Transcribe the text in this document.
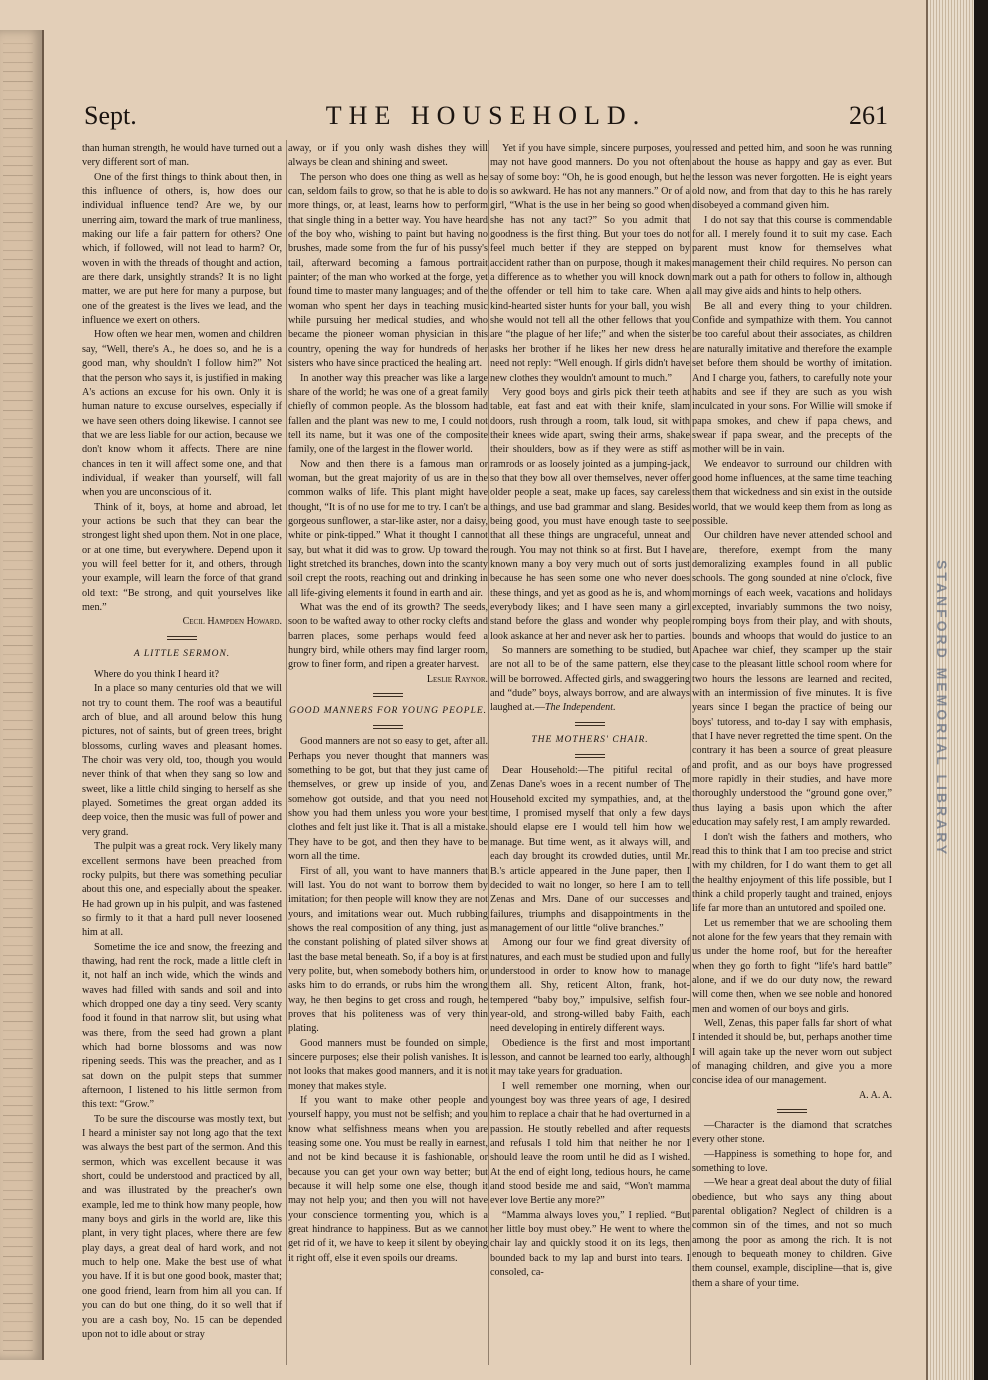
──────
──────
──────
──────
──────
──────
──────
──────
──────
──────
──────
──────
──────
──────
──────
──────
──────
──────
──────
──────
──────
──────
──────
──────
──────
──────
──────
──────
──────
──────
──────
──────
──────
──────
──────
──────
──────
──────
──────
──────
──────
──────
──────
──────
──────
──────
──────
──────
──────
──────
──────
──────
──────
──────
──────
──────
──────
──────
──────
──────
──────
──────
──────
──────
──────
──────
──────
──────
──────
──────
──────
──────
──────
──────
──────
──────
──────
──────
──────
──────
──────
──────
──────
──────
──────
──────
──────
──────
──────
──────
──────
──────
──────
──────
──────
──────
──────
──────
──────
──────
──────
──────
──────
──────
──────
──────
──────
──────
──────
──────
──────
──────
──────
──────
──────
──────
──────
──────
──────
──────
──────
──────
──────
──────
──────
──────
──────
──────
──────
──────
──────
──────
──────
──────
──────
──────
──────
──────
──────
──────
STANFORD MEMORIAL LIBRARY
Sept.	THE HOUSEHOLD.	261

than human strength, he would have turned out a very different sort of man.

One of the first things to think about then, in this influence of others, is, how does our individual influence tend? Are we, by our unerring aim, toward the mark of true manliness, making our life a fair pattern for others? One which, if followed, will not lead to harm? Or, woven in with the threads of thought and action, are there dark, unsightly strands? It is no light matter, we are put here for many a purpose, but one of the greatest is the lives we lead, and the influence we exert on others.

How often we hear men, women and children say, “Well, there's A., he does so, and he is a good man, why shouldn't I follow him?” Not that the person who says it, is justified in making A's actions an excuse for his own. Only it is human nature to excuse ourselves, especially if we have seen others doing likewise. I cannot see that we are less liable for our action, because we don't know whom it affects. There are nine chances in ten it will affect some one, and that individual, if weaker than yourself, will fall when you are unconscious of it.

Think of it, boys, at home and abroad, let your actions be such that they can bear the strongest light shed upon them. Not in one place, or at one time, but everywhere. Depend upon it you will feel better for it, and others, through your example, will learn the force of that grand old text: “Be strong, and quit yourselves like men.”

Cecil Hampden Howard.

A LITTLE SERMON.

Where do you think I heard it?

In a place so many centuries old that we will not try to count them. The roof was a beautiful arch of blue, and all around below this hung pictures, not of saints, but of green trees, bright blossoms, curling waves and pleasant homes. The choir was very old, too, though you would never think of that when they sang so low and sweet, like a little child singing to herself as she played. Sometimes the great organ added its deep voice, then the music was full of power and very grand.

The pulpit was a great rock. Very likely many excellent sermons have been preached from rocky pulpits, but there was something peculiar about this one, and especially about the speaker. He had grown up in his pulpit, and was fastened so firmly to it that a hard pull never loosened him at all.

Sometime the ice and snow, the freezing and thawing, had rent the rock, made a little cleft in it, not half an inch wide, which the winds and waves had filled with sands and soil and into which dropped one day a tiny seed. Very scanty food it found in that narrow slit, but using what was there, from the seed had grown a plant which had borne blossoms and was now ripening seeds. This was the preacher, and as I sat down on the pulpit steps that summer afternoon, I listened to his little sermon from this text: “Grow.”

To be sure the discourse was mostly text, but I heard a minister say not long ago that the text was always the best part of the sermon. And this sermon, which was excellent because it was short, could be understood and practiced by all, and was illustrated by the preacher's own example, led me to think how many people, how many boys and girls in the world are, like this plant, in very tight places, where there are few play days, a great deal of hard work, and not much to help one. Make the best use of what you have. If it is but one good book, master that; one good friend, learn from him all you can. If you can do but one thing, do it so well that if you are a cash boy, No. 15 can be depended upon not to idle about or stray

away, or if you only wash dishes they will always be clean and shining and sweet.

The person who does one thing as well as he can, seldom fails to grow, so that he is able to do more things, or, at least, learns how to perform that single thing in a better way. You have heard of the boy who, wishing to paint but having no brushes, made some from the fur of his pussy's tail, afterward becoming a famous portrait painter; of the man who worked at the forge, yet found time to master many languages; and of the woman who spent her days in teaching music while pursuing her medical studies, and who became the pioneer woman physician in this country, opening the way for hundreds of her sisters who have since practiced the healing art.

In another way this preacher was like a large share of the world; he was one of a great family chiefly of common people. As the blossom had fallen and the plant was new to me, I could not tell its name, but it was one of the composite family, one of the largest in the flower world.

Now and then there is a famous man or woman, but the great majority of us are in the common walks of life. This plant might have thought, “It is of no use for me to try. I can't be a gorgeous sunflower, a star-like aster, nor a daisy, white or pink-tipped.” What it thought I cannot say, but what it did was to grow. Up toward the light stretched its branches, down into the scanty soil crept the roots, reaching out and drinking in all life-giving elements it found in earth and air.

What was the end of its growth? The seeds, soon to be wafted away to other rocky clefts and barren places, some perhaps would feed a hungry bird, while others may find larger room, grow to finer form, and ripen a greater harvest.

Leslie Raynor.

GOOD MANNERS FOR YOUNG PEOPLE.

Good manners are not so easy to get, after all. Perhaps you never thought that manners was something to be got, but that they just came of themselves, or grew up inside of you, and somehow got outside, and that you need not show you had them unless you wore your best clothes and felt just like it. That is all a mistake. They have to be got, and then they have to be worn all the time.

First of all, you want to have manners that will last. You do not want to borrow them by imitation; for then people will know they are not yours, and imitations wear out. Much rubbing shows the real composition of any thing, just as the constant polishing of plated silver shows at last the base metal beneath. So, if a boy is at first very polite, but, when somebody bothers him, or asks him to do errands, or rubs him the wrong way, he then begins to get cross and rough, he proves that his politeness was of very thin plating.

Good manners must be founded on simple, sincere purposes; else their polish vanishes. It is not looks that makes good manners, and it is not money that makes style.

If you want to make other people and yourself happy, you must not be selfish; and you know what selfishness means when you are teasing some one. You must be really in earnest, and not be kind because it is fashionable, or because you can get your own way better; but because it will help some one else, though it may not help you; and then you will not have your conscience tormenting you, which is a great hindrance to happiness. But as we cannot get rid of it, we have to keep it silent by obeying it right off, else it even spoils our dreams.

Yet if you have simple, sincere purposes, you may not have good manners. Do you not often say of some boy: “Oh, he is good enough, but he is so awkward. He has not any manners.” Or of a girl, “What is the use in her being so good when she has not any tact?” So you admit that goodness is the first thing. But your toes do not feel much better if they are stepped on by accident rather than on purpose, though it makes a difference as to whether you will knock down the offender or tell him to take care. When a kind-hearted sister hunts for your ball, you wish she would not tell all the other fellows that you are “the plague of her life;” and when the sister asks her brother if he likes her new dress he need not reply: “Well enough. If girls didn't have new clothes they wouldn't amount to much.”

Very good boys and girls pick their teeth at table, eat fast and eat with their knife, slam doors, rush through a room, talk loud, sit with their knees wide apart, swing their arms, shake their shoulders, bow as if they were as stiff as ramrods or as loosely jointed as a jumping-jack, so that they bow all over themselves, never offer older people a seat, make up faces, say careless things, and use bad grammar and slang. Besides being good, you must have enough taste to see that all these things are ungraceful, unneat and rough. You may not think so at first. But I have known many a boy very much out of sorts just because he has seen some one who never does these things, and yet as good as he is, and whom everybody likes; and I have seen many a girl stand before the glass and wonder why people look askance at her and never ask her to parties.

So manners are something to be studied, but are not all to be of the same pattern, else they will be borrowed. Affected girls, and swaggering and “dude” boys, always borrow, and are always laughed at.—The Independent.

THE MOTHERS' CHAIR.

Dear Household:—The pitiful recital of Zenas Dane's woes in a recent number of The Household excited my sympathies, and, at the time, I promised myself that only a few days should elapse ere I would tell him how we manage. But time went, as it always will, and each day brought its crowded duties, until Mr. B.'s article appeared in the June paper, then I decided to wait no longer, so here I am to tell Zenas and Mrs. Dane of our successes and failures, triumphs and disappointments in the management of our little “olive branches.”

Among our four we find great diversity of natures, and each must be studied upon and fully understood in order to know how to manage them all. Shy, reticent Alton, frank, hot-tempered “baby boy,” impulsive, selfish four-year-old, and strong-willed baby Faith, each need developing in entirely different ways.

Obedience is the first and most important lesson, and cannot be learned too early, although it may take years for graduation.

I well remember one morning, when our youngest boy was three years of age, I desired him to replace a chair that he had overturned in a passion. He stoutly rebelled and after requests and refusals I told him that neither he nor I should leave the room until he did as I wished. At the end of eight long, tedious hours, he came and stood beside me and said, “Won't mamma ever love Bertie any more?”

“Mamma always loves you,” I replied. “But her little boy must obey.” He went to where the chair lay and quickly stood it on its legs, then bounded back to my lap and burst into tears. I consoled, ca-

ressed and petted him, and soon he was running about the house as happy and gay as ever. But the lesson was never forgotten. He is eight years old now, and from that day to this he has rarely disobeyed a command given him.

I do not say that this course is commendable for all. I merely found it to suit my case. Each parent must know for themselves what management their child requires. No person can mark out a path for others to follow in, although all may give aids and hints to help others.

Be all and every thing to your children. Confide and sympathize with them. You cannot be too careful about their associates, as children are naturally imitative and therefore the example set before them should be worthy of imitation. And I charge you, fathers, to carefully note your habits and see if they are such as you wish inculcated in your sons. For Willie will smoke if papa smokes, and chew if papa chews, and swear if papa swear, and the precepts of the mother will be in vain.

We endeavor to surround our children with good home influences, at the same time teaching them that wickedness and sin exist in the outside world, that we would keep them from as long as possible.

Our children have never attended school and are, therefore, exempt from the many demoralizing examples found in all public schools. The gong sounded at nine o'clock, five mornings of each week, vacations and holidays excepted, invariably summons the two noisy, romping boys from their play, and with shouts, bounds and whoops that would do justice to an Apachee war chief, they scamper up the stair case to the pleasant little school room where for two hours the lessons are learned and recited, with an intermission of five minutes. It is five years since I began the practice of being our boys' tutoress, and to-day I say with emphasis, that I have never regretted the time spent. On the contrary it has been a source of great pleasure and profit, and as our boys have progressed more rapidly in their studies, and have more thoroughly understood the “ground gone over,” thus laying a basis upon which the after education may safely rest, I am amply rewarded.

I don't wish the fathers and mothers, who read this to think that I am too precise and strict with my children, for I do want them to get all the healthy enjoyment of this life possible, but I think a child properly taught and trained, enjoys life far more than an untutored and spoiled one.

Let us remember that we are schooling them not alone for the few years that they remain with us under the home roof, but for the hereafter when they go forth to fight “life's hard battle” alone, and if we do our duty now, the reward will come then, when we see noble and honored men and women of our boys and girls.

Well, Zenas, this paper falls far short of what I intended it should be, but, perhaps another time I will again take up the never worn out subject of managing children, and give you a more concise idea of our management.

A. A. A.

—Character is the diamond that scratches every other stone.

—Happiness is something to hope for, and something to love.

—We hear a great deal about the duty of filial obedience, but who says any thing about parental obligation? Neglect of children is a common sin of the times, and not so much among the poor as among the rich. It is not enough to bequeath money to children. Give them counsel, example, discipline—that is, give them a share of your time.
